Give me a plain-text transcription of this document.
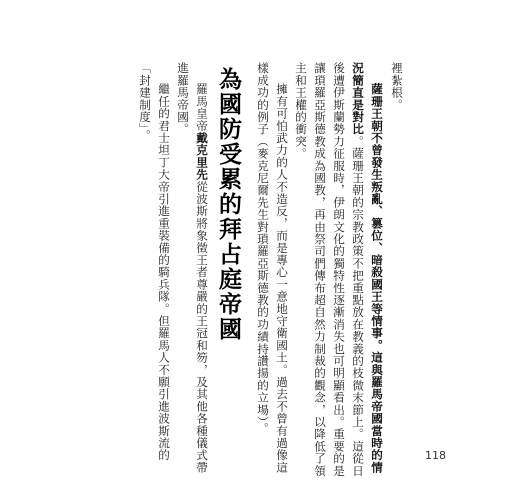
裡紮根。
薩珊王朝不曾發生叛亂、篡位、暗殺國王等情事。這與羅馬帝國當時的情
況簡直是對比。薩珊王朝的宗教政策不把重點放在教義的枝微末節上。這從日
後遭伊斯蘭勢力征服時，伊朗文化的獨特性逐漸消失也可明顯看出。重要的是
讓瑣羅亞斯德教成為國教，再由祭司們傳布超自然力制裁的觀念，以降低了領
主和王權的衝突。
擁有可怕武力的人不造反，而是專心一意地守衛國土。過去不曾有過像這
樣成功的例子（麥克尼爾先生對瑣羅亞斯德教的功績持讚揚的立場）。
為國防受累的拜占庭帝國
羅馬皇帝戴克里先從波斯將象徵王者尊嚴的王冠和笏，及其他各種儀式帶
進羅馬帝國。
繼任的君士坦丁大帝引進重裝備的騎兵隊。但羅馬人不願引進波斯流的
「封建制度」。
118
